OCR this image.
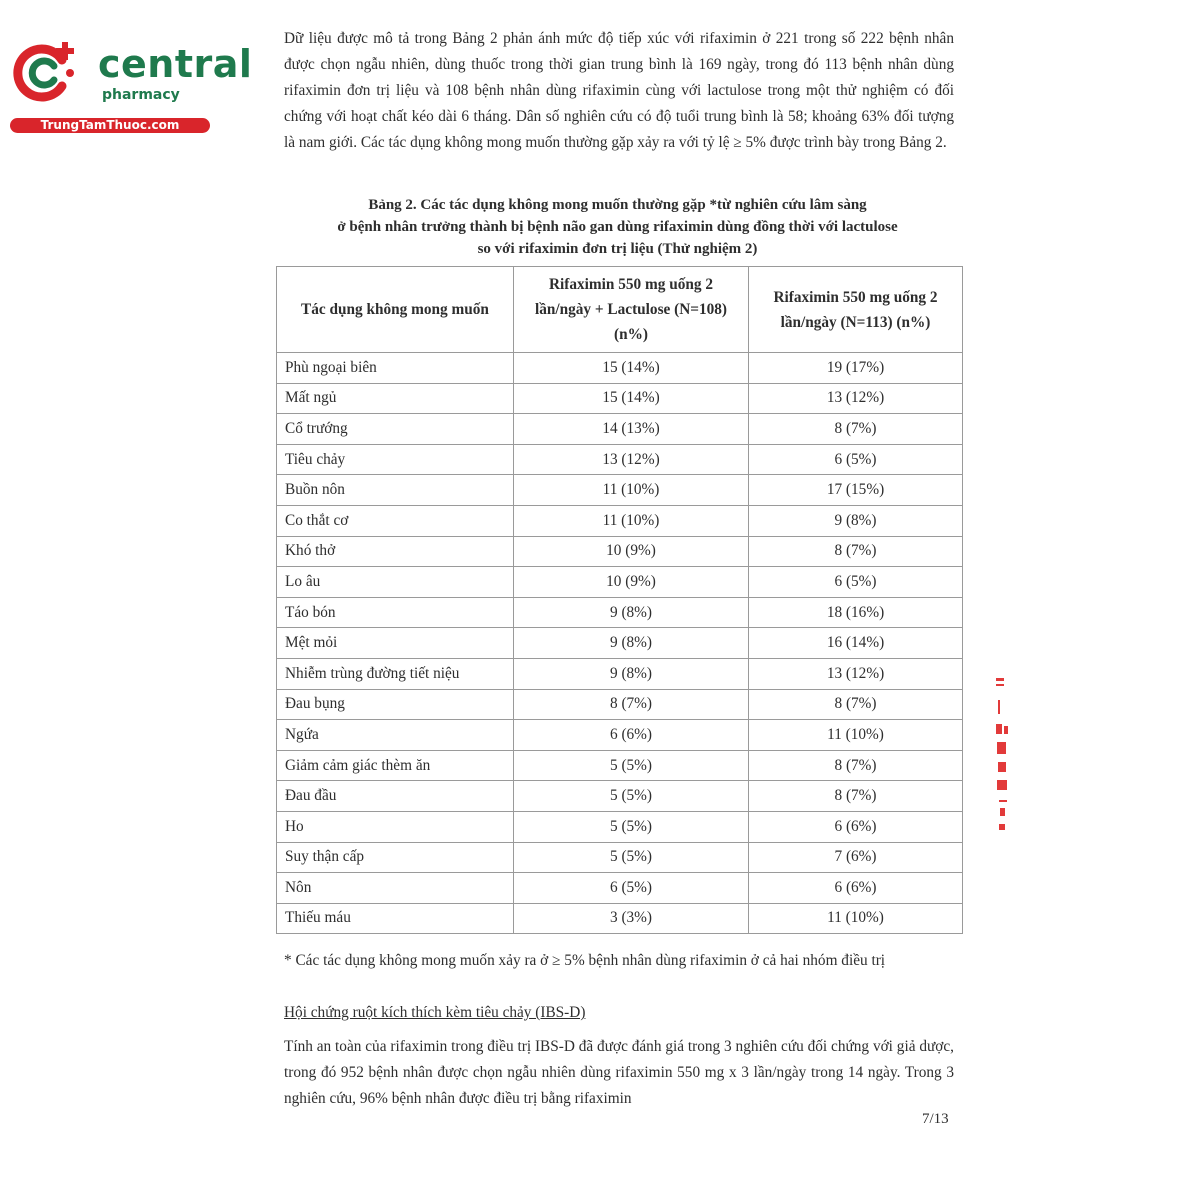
central
pharmacy
TrungTamThuoc.com

Dữ liệu được mô tả trong Bảng 2 phản ánh mức độ tiếp xúc với rifaximin ở 221 trong số 222 bệnh nhân được chọn ngẫu nhiên, dùng thuốc trong thời gian trung bình là 169 ngày, trong đó 113 bệnh nhân dùng rifaximin đơn trị liệu và 108 bệnh nhân dùng rifaximin cùng với lactulose trong một thử nghiệm có đối chứng với hoạt chất kéo dài 6 tháng. Dân số nghiên cứu có độ tuổi trung bình là 58; khoảng 63% đối tượng là nam giới. Các tác dụng không mong muốn thường gặp xảy ra với tỷ lệ ≥ 5% được trình bày trong Bảng 2.

Bảng 2. Các tác dụng không mong muốn thường gặp *từ nghiên cứu lâm sàng
ở bệnh nhân trưởng thành bị bệnh não gan dùng rifaximin dùng đồng thời với lactulose
so với rifaximin đơn trị liệu (Thử nghiệm 2)
Tác dụng không mong muốn	Rifaximin 550 mg uống 2 lần/ngày + Lactulose (N=108) (n%)	Rifaximin 550 mg uống 2 lần/ngày (N=113) (n%)
Phù ngoại biên	15 (14%)	19 (17%)
Mất ngủ	15 (14%)	13 (12%)
Cổ trướng	14 (13%)	8 (7%)
Tiêu chảy	13 (12%)	6 (5%)
Buồn nôn	11 (10%)	17 (15%)
Co thắt cơ	11 (10%)	9 (8%)
Khó thở	10 (9%)	8 (7%)
Lo âu	10 (9%)	6 (5%)
Táo bón	9 (8%)	18 (16%)
Mệt mỏi	9 (8%)	16 (14%)
Nhiễm trùng đường tiết niệu	9 (8%)	13 (12%)
Đau bụng	8 (7%)	8 (7%)
Ngứa	6 (6%)	11 (10%)
Giảm cảm giác thèm ăn	5 (5%)	8 (7%)
Đau đầu	5 (5%)	8 (7%)
Ho	5 (5%)	6 (6%)
Suy thận cấp	5 (5%)	7 (6%)
Nôn	6 (5%)	6 (6%)
Thiếu máu	3 (3%)	11 (10%)

* Các tác dụng không mong muốn xảy ra ở ≥ 5% bệnh nhân dùng rifaximin ở cả hai nhóm điều trị

Hội chứng ruột kích thích kèm tiêu chảy (IBS-D)

Tính an toàn của rifaximin trong điều trị IBS-D đã được đánh giá trong 3 nghiên cứu đối chứng với giả dược, trong đó 952 bệnh nhân được chọn ngẫu nhiên dùng rifaximin 550 mg x 3 lần/ngày trong 14 ngày. Trong 3 nghiên cứu, 96% bệnh nhân được điều trị bằng rifaximin

7/13
